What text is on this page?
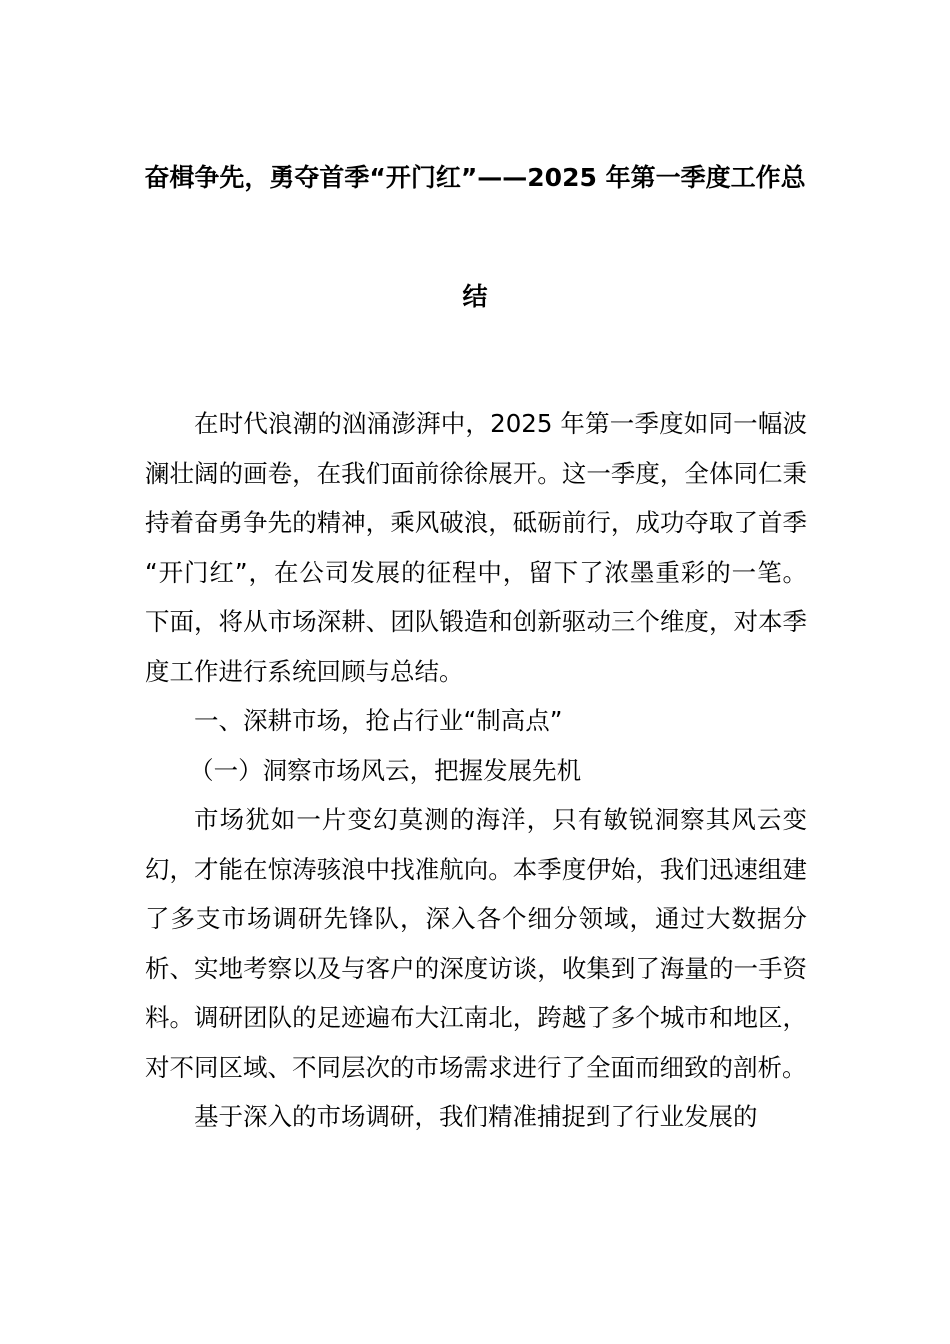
奋楫争先，勇夺首季“开门红”——2025 年第一季度工作总
结

在时代浪潮的汹涌澎湃中，2025 年第一季度如同一幅波澜壮阔的画卷，在我们面前徐徐展开。这一季度，全体同仁秉持着奋勇争先的精神，乘风破浪，砥砺前行，成功夺取了首季 “开门红”，在公司发展的征程中，留下了浓墨重彩的一笔。下面，将从市场深耕、团队锻造和创新驱动三个维度，对本季度工作进行系统回顾与总结。

一、深耕市场，抢占行业“制高点”

（一）洞察市场风云，把握发展先机

市场犹如一片变幻莫测的海洋，只有敏锐洞察其风云变幻，才能在惊涛骇浪中找准航向。本季度伊始，我们迅速组建了多支市场调研先锋队，深入各个细分领域，通过大数据分析、实地考察以及与客户的深度访谈，收集到了海量的一手资料。调研团队的足迹遍布大江南北，跨越了多个城市和地区，对不同区域、不同层次的市场需求进行了全面而细致的剖析。

基于深入的市场调研，我们精准捕捉到了行业发展的
